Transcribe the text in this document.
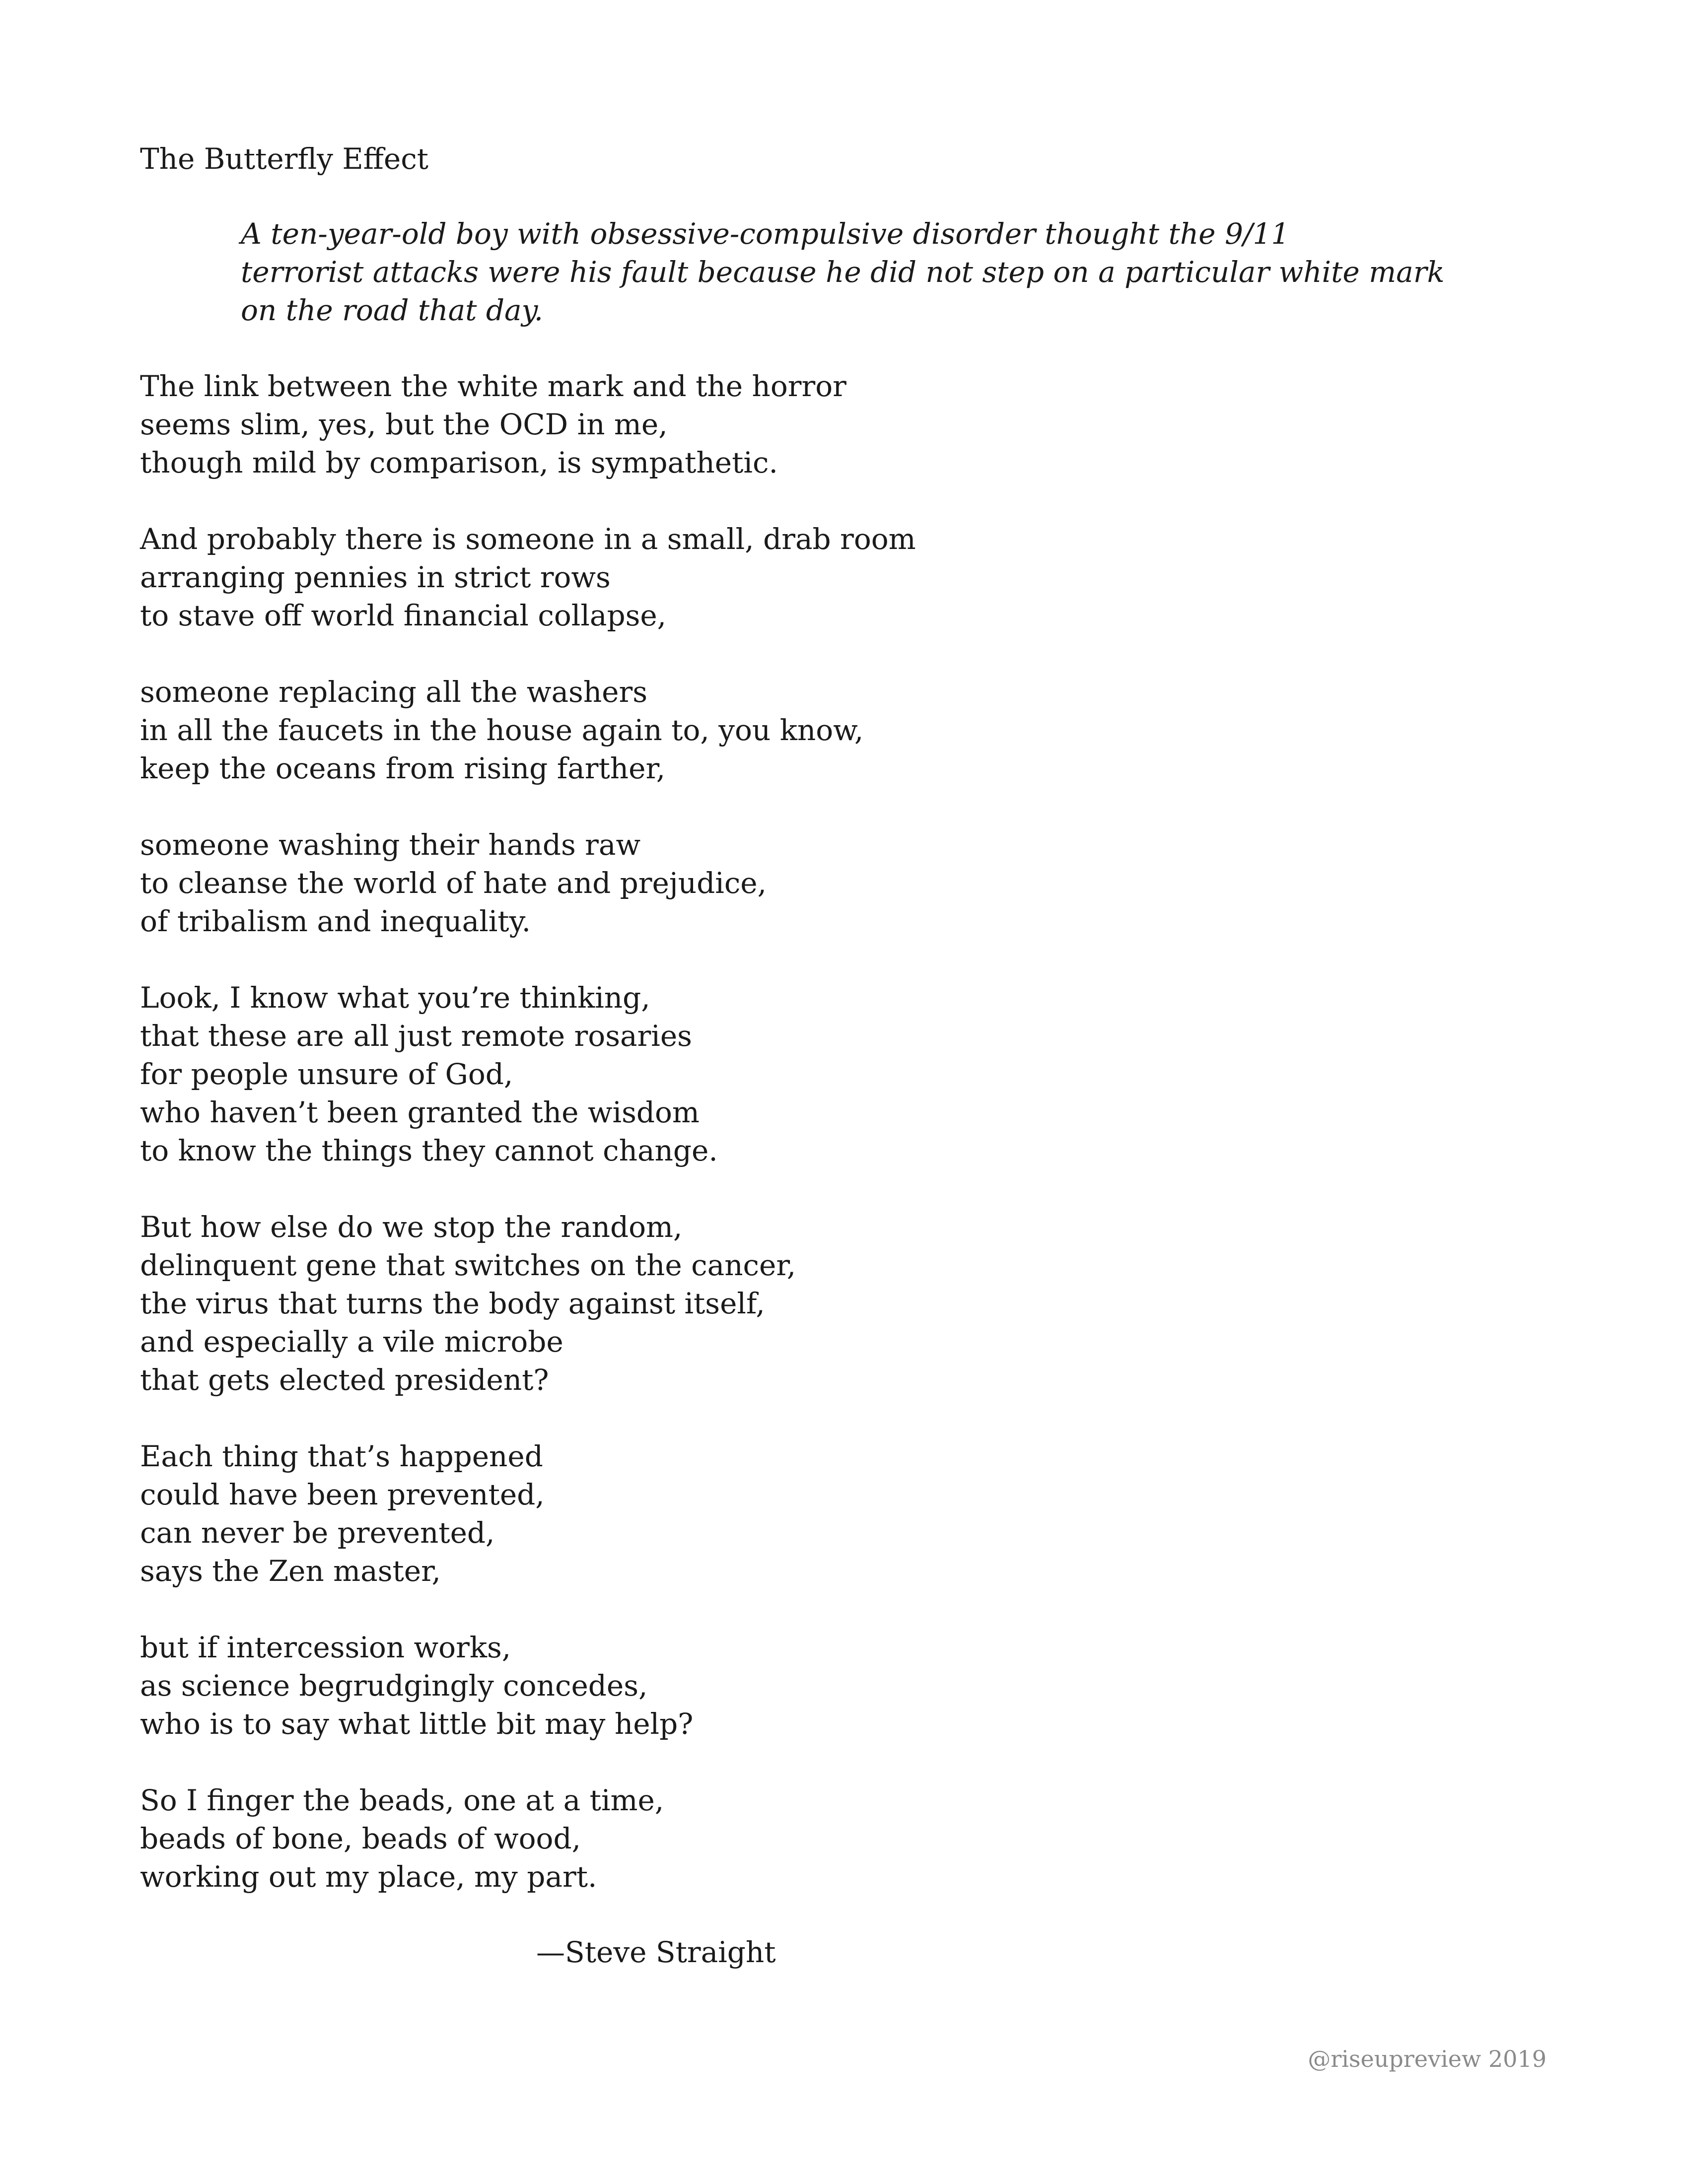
The Butterfly Effect
A ten-year-old boy with obsessive-compulsive disorder thought the 9/11
terrorist attacks were his fault because he did not step on a particular white mark
on the road that day.
The link between the white mark and the horror
seems slim, yes, but the OCD in me,
though mild by comparison, is sympathetic.
And probably there is someone in a small, drab room
arranging pennies in strict rows
to stave off world financial collapse,
someone replacing all the washers
in all the faucets in the house again to, you know,
keep the oceans from rising farther,
someone washing their hands raw
to cleanse the world of hate and prejudice,
of tribalism and inequality.
Look, I know what you’re thinking,
that these are all just remote rosaries
for people unsure of God,
who haven’t been granted the wisdom
to know the things they cannot change.
But how else do we stop the random,
delinquent gene that switches on the cancer,
the virus that turns the body against itself,
and especially a vile microbe
that gets elected president?
Each thing that’s happened
could have been prevented,
can never be prevented,
says the Zen master,
but if intercession works,
as science begrudgingly concedes,
who is to say what little bit may help?
So I finger the beads, one at a time,
beads of bone, beads of wood,
working out my place, my part.
—Steve Straight
@riseupreview 2019
